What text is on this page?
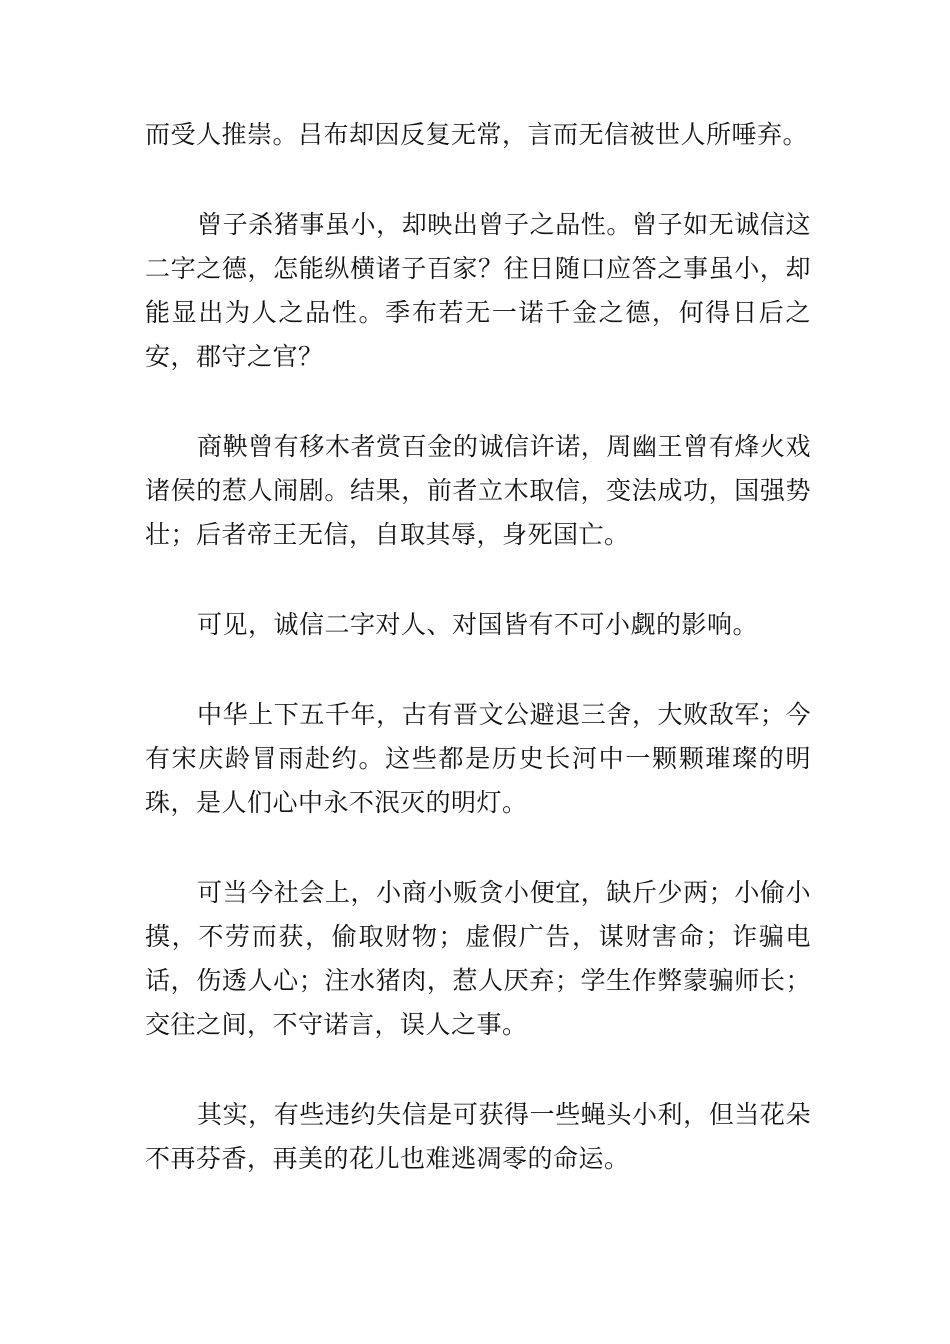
而受人推崇。吕布却因反复无常，言而无信被世人所唾弃。

曾子杀猪事虽小，却映出曾子之品性。曾子如无诚信这二字之德，怎能纵横诸子百家？往日随口应答之事虽小，却能显出为人之品性。季布若无一诺千金之德，何得日后之安，郡守之官？

商鞅曾有移木者赏百金的诚信许诺，周幽王曾有烽火戏诸侯的惹人闹剧。结果，前者立木取信，变法成功，国强势壮；后者帝王无信，自取其辱，身死国亡。

可见，诚信二字对人、对国皆有不可小觑的影响。

中华上下五千年，古有晋文公避退三舍，大败敌军；今有宋庆龄冒雨赴约。这些都是历史长河中一颗颗璀璨的明珠，是人们心中永不泯灭的明灯。

可当今社会上，小商小贩贪小便宜，缺斤少两；小偷小摸，不劳而获，偷取财物；虚假广告，谋财害命；诈骗电话，伤透人心；注水猪肉，惹人厌弃；学生作弊蒙骗师长；交往之间，不守诺言，误人之事。

其实，有些违约失信是可获得一些蝇头小利，但当花朵不再芬香，再美的花儿也难逃凋零的命运。
